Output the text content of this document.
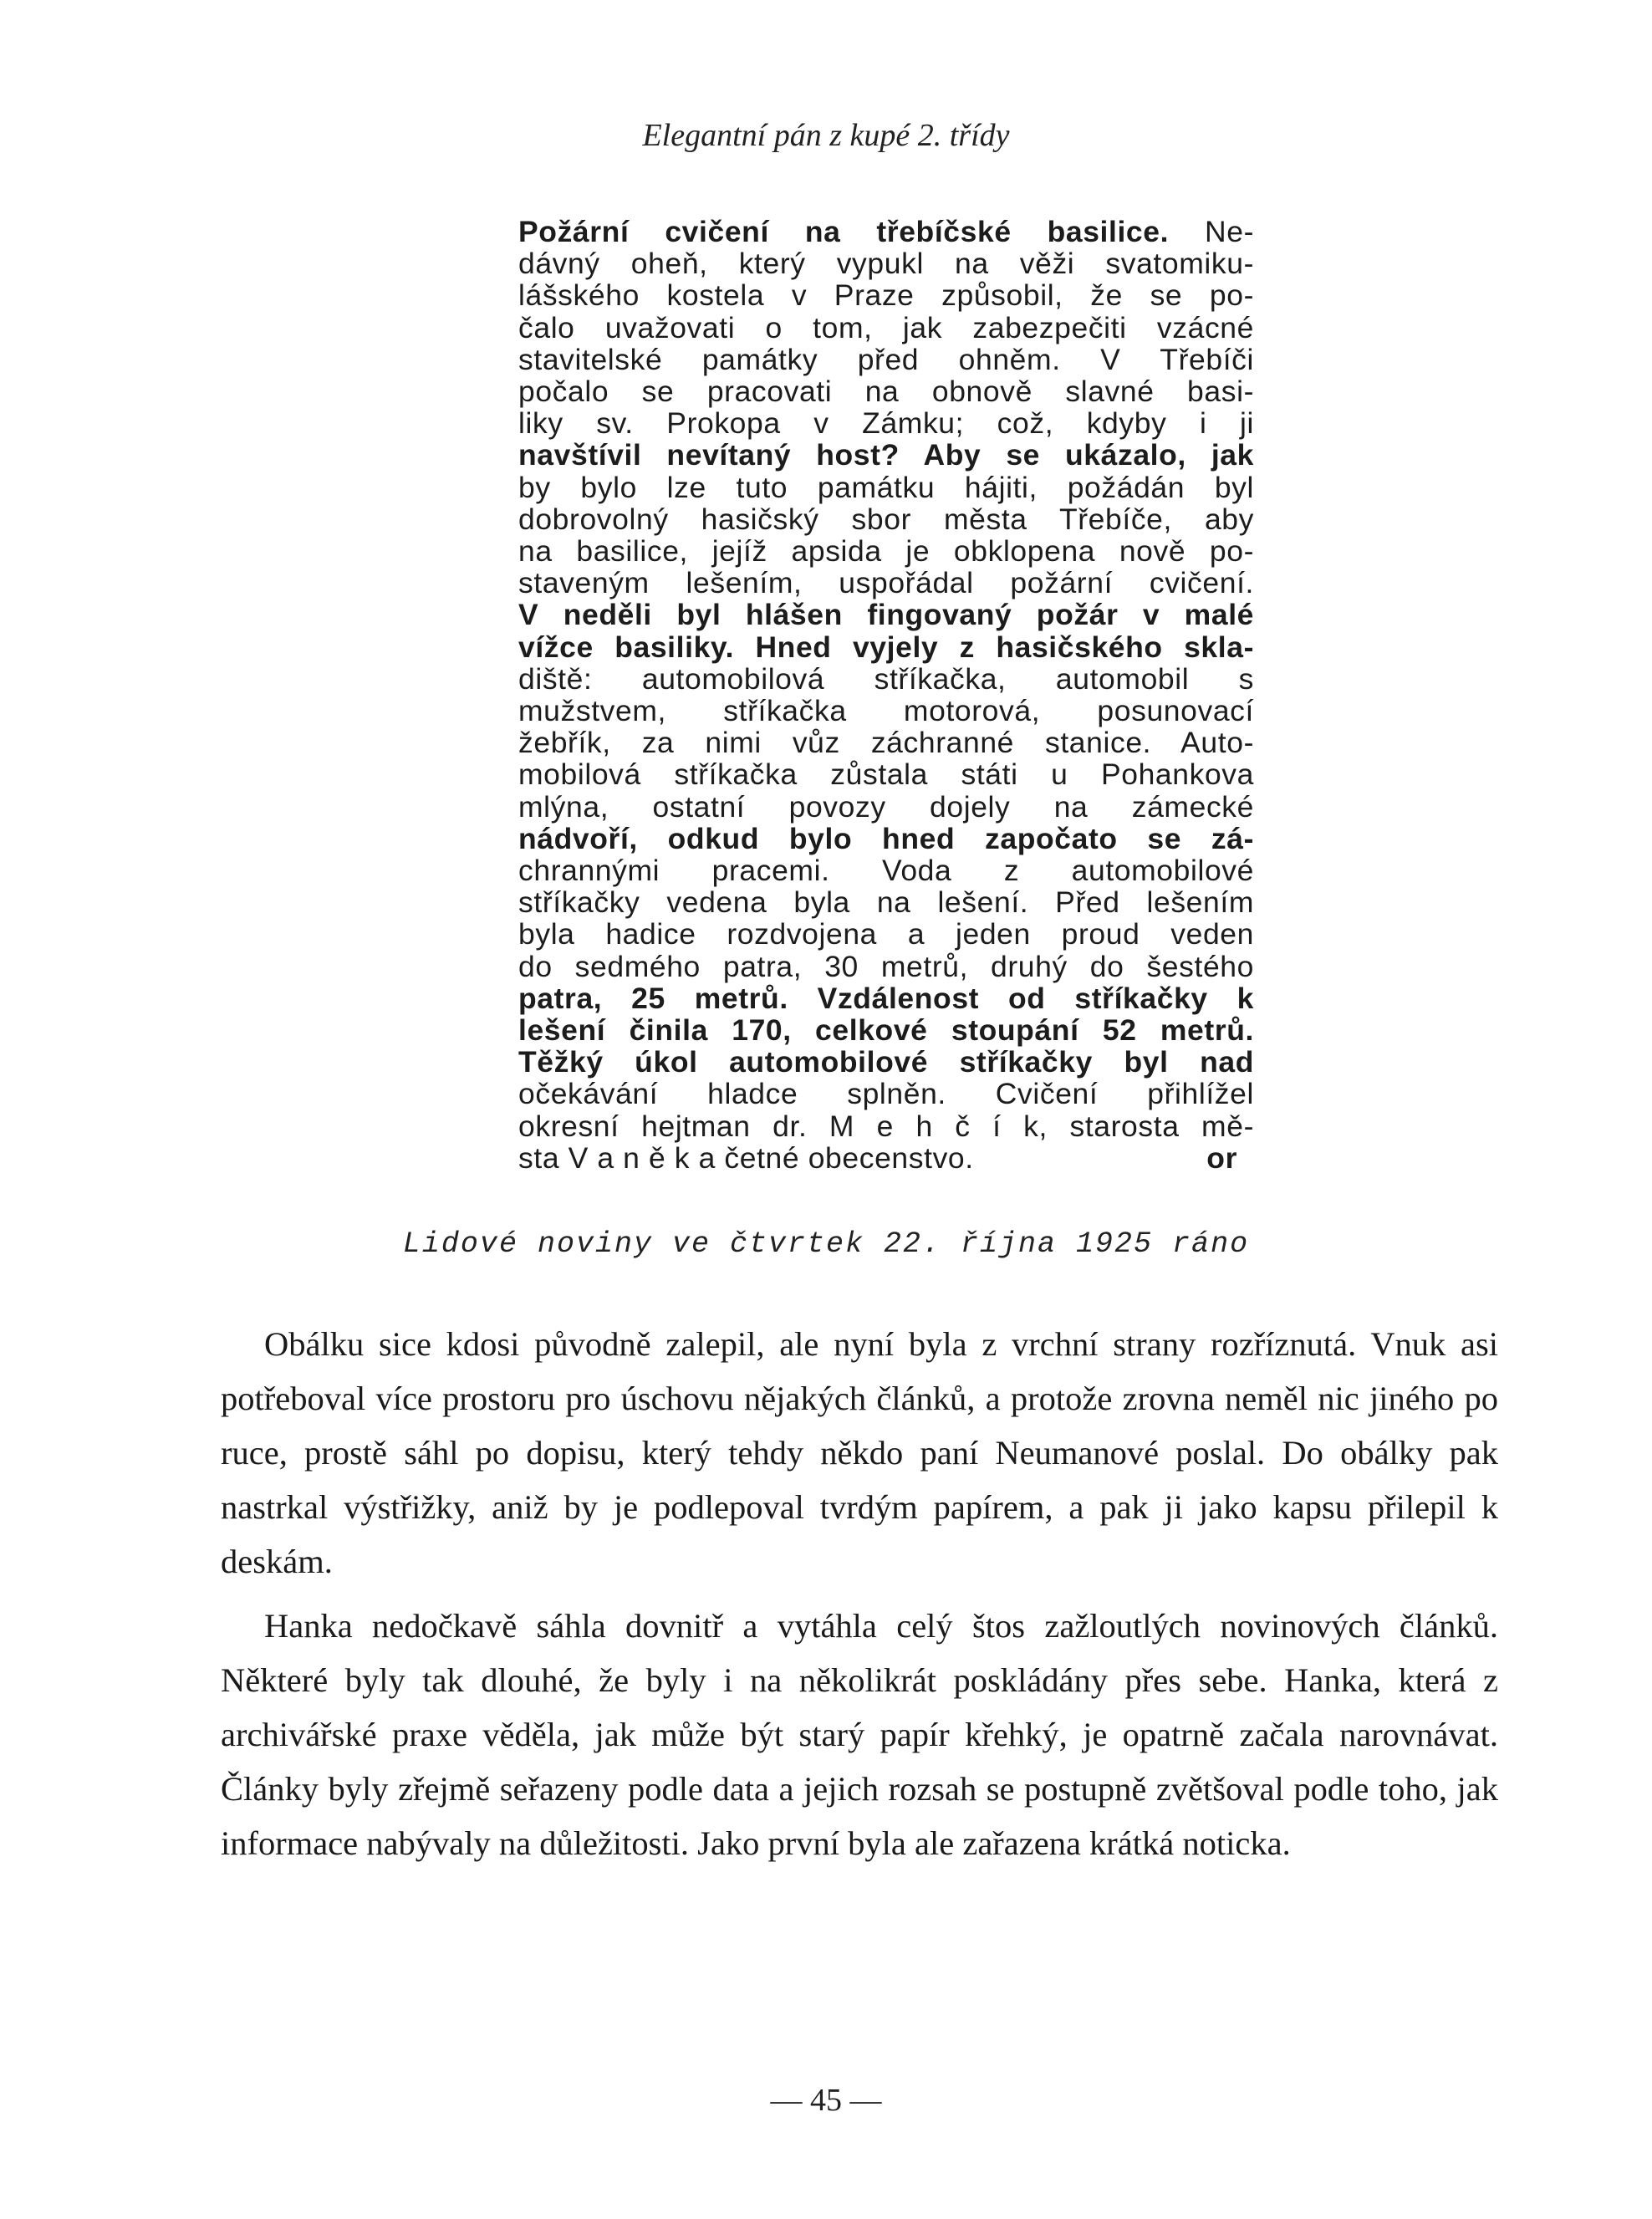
Elegantní pán z kupé 2. třídy
Požární cvičení na třebíčské basilice. Ne-
dávný oheň, který vypukl na věži svatomiku-
lášského kostela v Praze způsobil, že se po-
čalo uvažovati o tom, jak zabezpečiti vzácné
stavitelské památky před ohněm. V Třebíči
počalo se pracovati na obnově slavné basi-
liky sv. Prokopa v Zámku; což, kdyby i ji
navštívil nevítaný host? Aby se ukázalo, jak
by bylo lze tuto památku hájiti, požádán byl
dobrovolný hasičský sbor města Třebíče, aby
na basilice, jejíž apsida je obklopena nově po-
staveným lešením, uspořádal požární cvičení.
V neděli byl hlášen fingovaný požár v malé
vížce basiliky. Hned vyjely z hasičského skla-
diště: automobilová stříkačka, automobil s
mužstvem, stříkačka motorová, posunovací
žebřík, za nimi vůz záchranné stanice. Auto-
mobilová stříkačka zůstala státi u Pohankova
mlýna, ostatní povozy dojely na zámecké
nádvoří, odkud bylo hned započato se zá-
chrannými pracemi. Voda z automobilové
stříkačky vedena byla na lešení. Před lešením
byla hadice rozdvojena a jeden proud veden
do sedmého patra, 30 metrů, druhý do šestého
patra, 25 metrů. Vzdálenost od stříkačky k
lešení činila 170, celkové stoupání 52 metrů.
Těžký úkol automobilové stříkačky byl nad
očekávání hladce splněn. Cvičení přihlížel
okresní hejtman dr. M e h č í k, starosta mě-
sta V a n ě k a četné obecenstvo.	or
Lidové noviny ve čtvrtek 22. října 1925 ráno

Obálku sice kdosi původně zalepil, ale nyní byla z vrchní strany rozříznutá. Vnuk asi potřeboval více prostoru pro úschovu nějakých článků, a protože zrovna neměl nic jiného po ruce, prostě sáhl po dopisu, který tehdy někdo paní Neumanové poslal. Do obálky pak nastrkal výstřižky, aniž by je podlepoval tvrdým papírem, a pak ji jako kapsu přilepil k deskám.

Hanka nedočkavě sáhla dovnitř a vytáhla celý štos zažloutlých novinových článků. Některé byly tak dlouhé, že byly i na několikrát poskládány přes sebe. Hanka, která z archivářské praxe věděla, jak může být starý papír křehký, je opatrně začala narovnávat. Články byly zřejmě seřazeny podle data a jejich rozsah se postupně zvětšoval podle toho, jak informace nabývaly na důležitosti. Jako první byla ale zařazena krátká noticka.

— 45 —
